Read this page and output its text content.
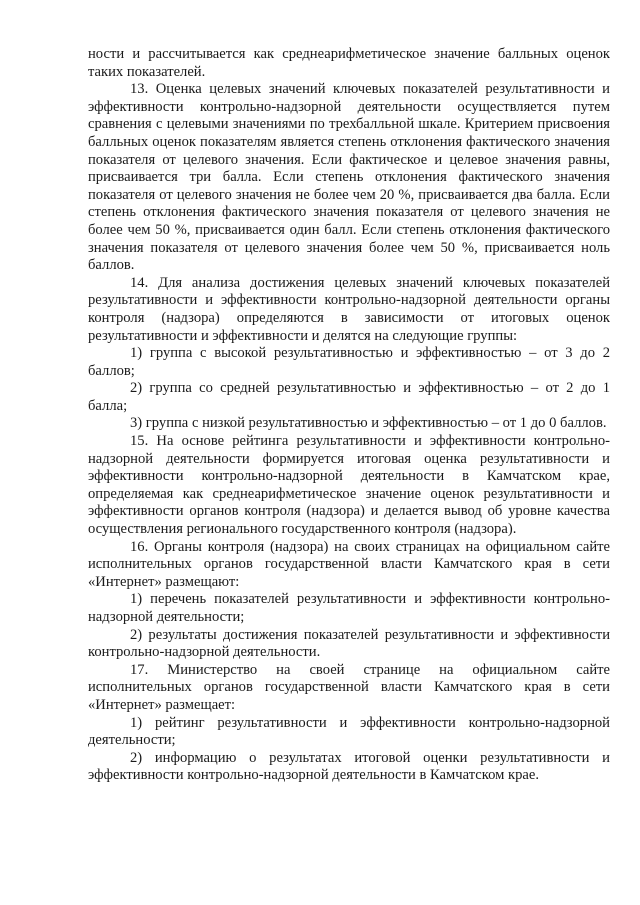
ности и рассчитывается как среднеарифметическое значение балльных оценок таких показателей.

13. Оценка целевых значений ключевых показателей результативности и эффективности контрольно-надзорной деятельности осуществляется путем сравнения с целевыми значениями по трехбалльной шкале. Критерием присвоения балльных оценок показателям является степень отклонения фактического значения показателя от целевого значения. Если фактическое и целевое значения равны, присваивается три балла. Если степень отклонения фактического значения показателя от целевого значения не более чем 20 %, присваивается два балла. Если степень отклонения фактического значения показателя от целевого значения не более чем 50 %, присваивается один балл. Если степень отклонения фактического значения показателя от целевого значения более чем 50 %, присваивается ноль баллов.

14. Для анализа достижения целевых значений ключевых показателей результативности и эффективности контрольно-надзорной деятельности органы контроля (надзора) определяются в зависимости от итоговых оценок результативности и эффективности и делятся на следующие группы:

1) группа с высокой результативностью и эффективностью – от 3 до 2 баллов;

2) группа со средней результативностью и эффективностью – от 2 до 1 балла;

3) группа с низкой результативностью и эффективностью – от 1 до 0 баллов.

15. На основе рейтинга результативности и эффективности контрольно-надзорной деятельности формируется итоговая оценка результативности и эффективности контрольно-надзорной деятельности в Камчатском крае, определяемая как среднеарифметическое значение оценок результативности и эффективности органов контроля (надзора) и делается вывод об уровне качества осуществления регионального государственного контроля (надзора).

16. Органы контроля (надзора) на своих страницах на официальном сайте исполнительных органов государственной власти Камчатского края в сети «Интернет» размещают:

1) перечень показателей результативности и эффективности контрольно-надзорной деятельности;

2) результаты достижения показателей результативности и эффективности контрольно-надзорной деятельности.

17. Министерство на своей странице на официальном сайте исполнительных органов государственной власти Камчатского края в сети «Интернет» размещает:

1) рейтинг результативности и эффективности контрольно-надзорной деятельности;

2) информацию о результатах итоговой оценки результативности и эффективности контрольно-надзорной деятельности в Камчатском крае.
